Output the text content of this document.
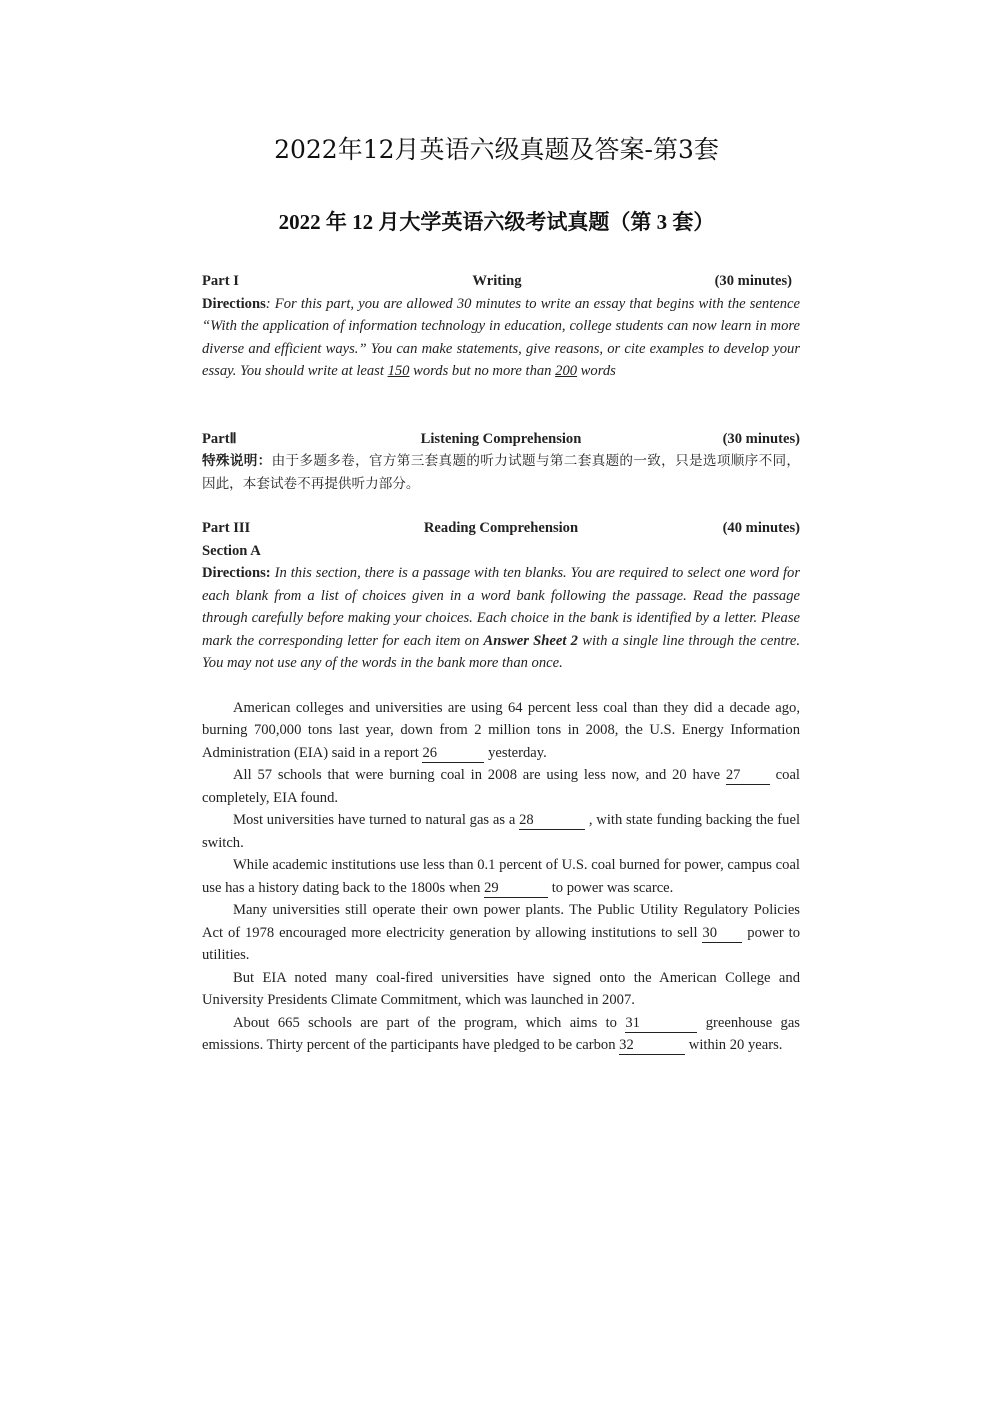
2022年12月英语六级真题及答案-第3套
2022 年 12 月大学英语六级考试真题（第 3 套）
Part I	Writing	(30 minutes)
Directions: For this part, you are allowed 30 minutes to write an essay that begins with the sentence “With the application of information technology in education, college students can now learn in more diverse and efficient ways.” You can make statements, give reasons, or cite examples to develop your essay. You should write at least 150 words but no more than 200 words
PartⅡ	Listening Comprehension	(30 minutes)
特殊说明：由于多题多卷，官方第三套真题的听力试题与第二套真题的一致，只是选项顺序不同，因此，本套试卷不再提供听力部分。
Part III	Reading Comprehension	(40 minutes)
Section A
Directions: In this section, there is a passage with ten blanks. You are required to select one word for each blank from a list of choices given in a word bank following the passage. Read the passage through carefully before making your choices. Each choice in the bank is identified by a letter. Please mark the corresponding letter for each item on Answer Sheet 2 with a single line through the centre. You may not use any of the words in the bank more than once.

American colleges and universities are using 64 percent less coal than they did a decade ago, burning 700,000 tons last year, down from 2 million tons in 2008, the U.S. Energy Information Administration (EIA) said in a report 26	yesterday.

All 57 schools that were burning coal in 2008 are using less now, and 20 have 27 coal completely, EIA found.

Most universities have turned to natural gas as a 28	, with state funding backing the fuel switch.

While academic institutions use less than 0.1 percent of U.S. coal burned for power, campus coal use has a history dating back to the 1800s when 29	to power was scarce.

Many universities still operate their own power plants. The Public Utility Regulatory Policies Act of 1978 encouraged more electricity generation by allowing institutions to sell 30 power to utilities.

But EIA noted many coal-fired universities have signed onto the American College and University Presidents Climate Commitment, which was launched in 2007.

About 665 schools are part of the program, which aims to 31	greenhouse gas emissions. Thirty percent of the participants have pledged to be carbon 32	within 20 years.
